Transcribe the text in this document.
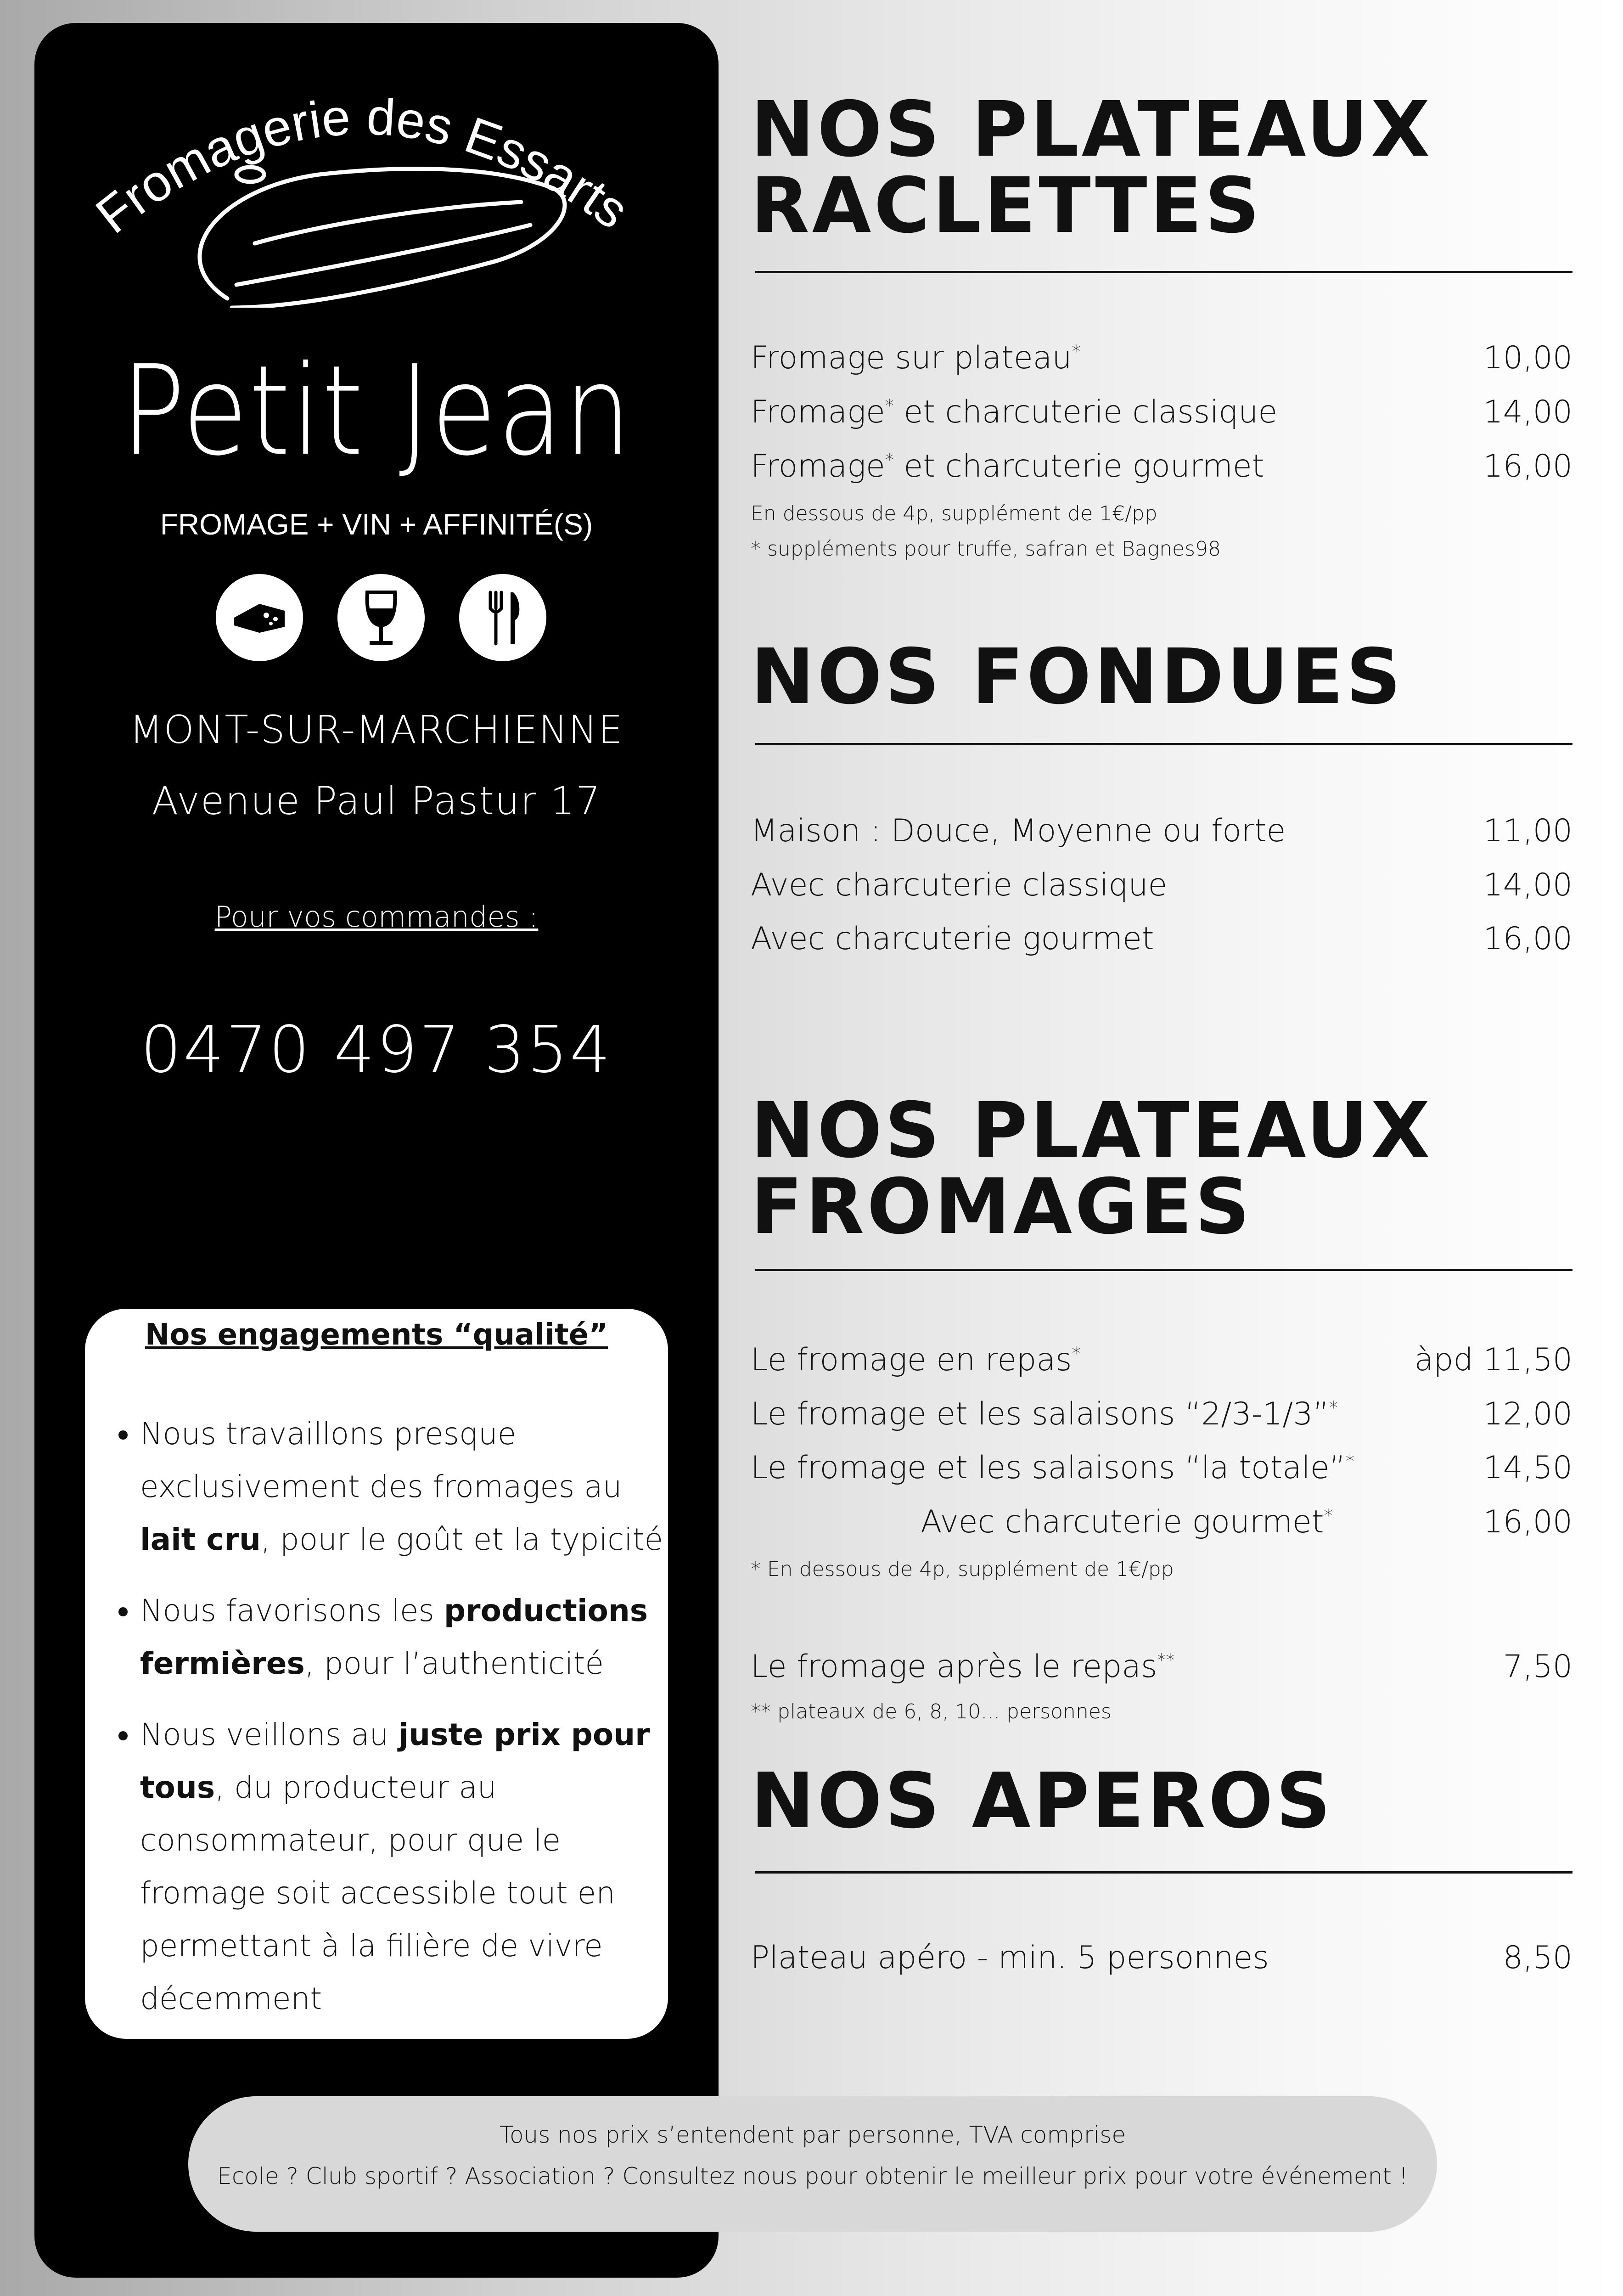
Fromagerie des Essarts
Petit Jean
FROMAGE + VIN + AFFINITÉ(S)
MONT-SUR-MARCHIENNE
Avenue Paul Pastur 17
Pour vos commandes :
0470 497 354
Nos engagements “qualité”
• Nous travaillons presque exclusivement des fromages au lait cru, pour le goût et la typicité
• Nous favorisons les productions fermières, pour l’authenticité
• Nous veillons au juste prix pour tous, du producteur au consommateur, pour que le fromage soit accessible tout en permettant à la filière de vivre décemment
NOS PLATEAUX
RACLETTES
Fromage sur plateau*	10,00
Fromage* et charcuterie classique	14,00
Fromage* et charcuterie gourmet	16,00
En dessous de 4p, supplément de 1€/pp
* suppléments pour truffe, safran et Bagnes98
NOS FONDUES
Maison : Douce, Moyenne ou forte	11,00
Avec charcuterie classique	14,00
Avec charcuterie gourmet	16,00
NOS PLATEAUX
FROMAGES
Le fromage en repas*	àpd 11,50
Le fromage et les salaisons “2/3-1/3”*	12,00
Le fromage et les salaisons “la totale”*	14,50
Avec charcuterie gourmet*	16,00
* En dessous de 4p, supplément de 1€/pp
Le fromage après le repas**	7,50
** plateaux de 6, 8, 10... personnes
NOS APEROS
Plateau apéro - min. 5 personnes	8,50
Tous nos prix s’entendent par personne, TVA comprise
Ecole ? Club sportif ? Association ? Consultez nous pour obtenir le meilleur prix pour votre événement !
